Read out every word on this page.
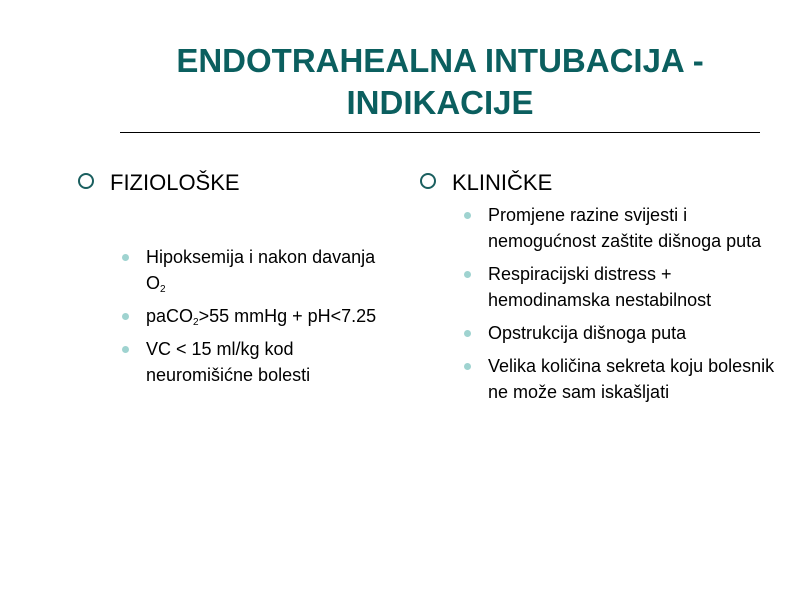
ENDOTRAHEALNA INTUBACIJA -
INDIKACIJE
FIZIOLOŠKE
Hipoksemija i nakon davanja $O_2$
paCO$_2$>55 mmHg + pH<7.25
VC < 15 ml/kg kod neuromišićne bolesti
KLINIČKE
Promjene razine svijesti i nemogućnost zaštite dišnoga puta
Respiracijski distress + hemodinamska nestabilnost
Opstrukcija dišnoga puta
Velika količina sekreta koju bolesnik ne može sam iskašljati
